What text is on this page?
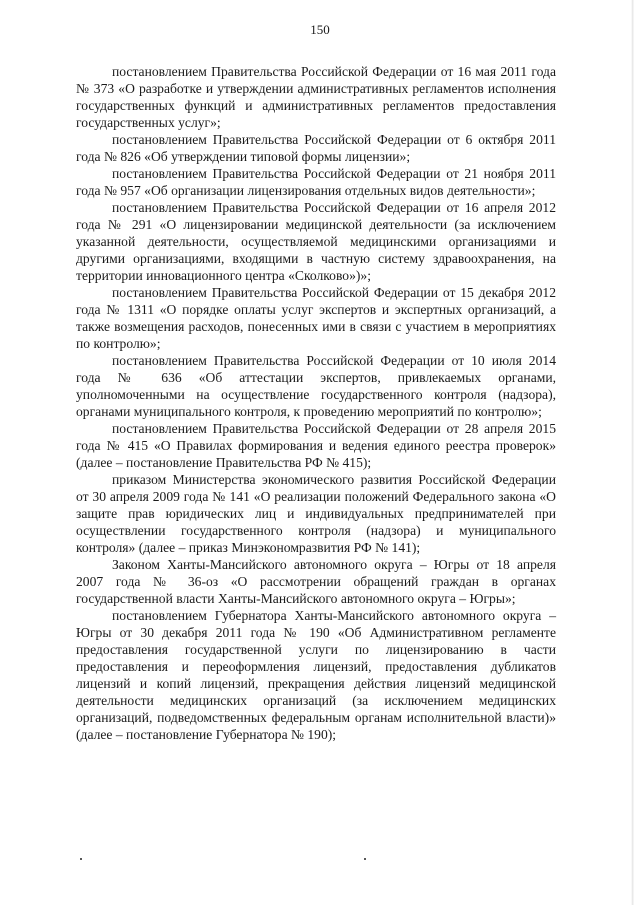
150

постановлением Правительства Российской Федерации от 16 мая 2011 года № 373 «О разработке и утверждении административных регламентов исполнения государственных функций и административных регламентов предоставления государственных услуг»;

постановлением Правительства Российской Федерации от 6 октября 2011 года № 826 «Об утверждении типовой формы лицензии»;

постановлением Правительства Российской Федерации от 21 ноября 2011 года № 957 «Об организации лицензирования отдельных видов деятельности»;

постановлением Правительства Российской Федерации от 16 апреля 2012 года № 291 «О лицензировании медицинской деятельности (за исключением указанной деятельности, осуществляемой медицинскими организациями и другими организациями, входящими в частную систему здравоохранения, на территории инновационного центра «Сколково»)»;

постановлением Правительства Российской Федерации от 15 декабря 2012 года № 1311 «О порядке оплаты услуг экспертов и экспертных организаций, а также возмещения расходов, понесенных ими в связи с участием в мероприятиях по контролю»;

постановлением Правительства Российской Федерации от 10 июля 2014 года № 636 «Об аттестации экспертов, привлекаемых органами, уполномоченными на осуществление государственного контроля (надзора), органами муниципального контроля, к проведению мероприятий по контролю»;

постановлением Правительства Российской Федерации от 28 апреля 2015 года № 415 «О Правилах формирования и ведения единого реестра проверок» (далее – постановление Правительства РФ № 415);

приказом Министерства экономического развития Российской Федерации от 30 апреля 2009 года № 141 «О реализации положений Федерального закона «О защите прав юридических лиц и индивидуальных предпринимателей при осуществлении государственного контроля (надзора) и муниципального контроля» (далее – приказ Минэкономразвития РФ № 141);

Законом Ханты-Мансийского автономного округа – Югры от 18 апреля 2007 года № 36-оз «О рассмотрении обращений граждан в органах государственной власти Ханты-Мансийского автономного округа – Югры»;

постановлением Губернатора Ханты-Мансийского автономного округа – Югры от 30 декабря 2011 года № 190 «Об Административном регламенте предоставления государственной услуги по лицензированию в части предоставления и переоформления лицензий, предоставления дубликатов лицензий и копий лицензий, прекращения действия лицензий медицинской деятельности медицинских организаций (за исключением медицинских организаций, подведомственных федеральным органам исполнительной власти)» (далее – постановление Губернатора № 190);
